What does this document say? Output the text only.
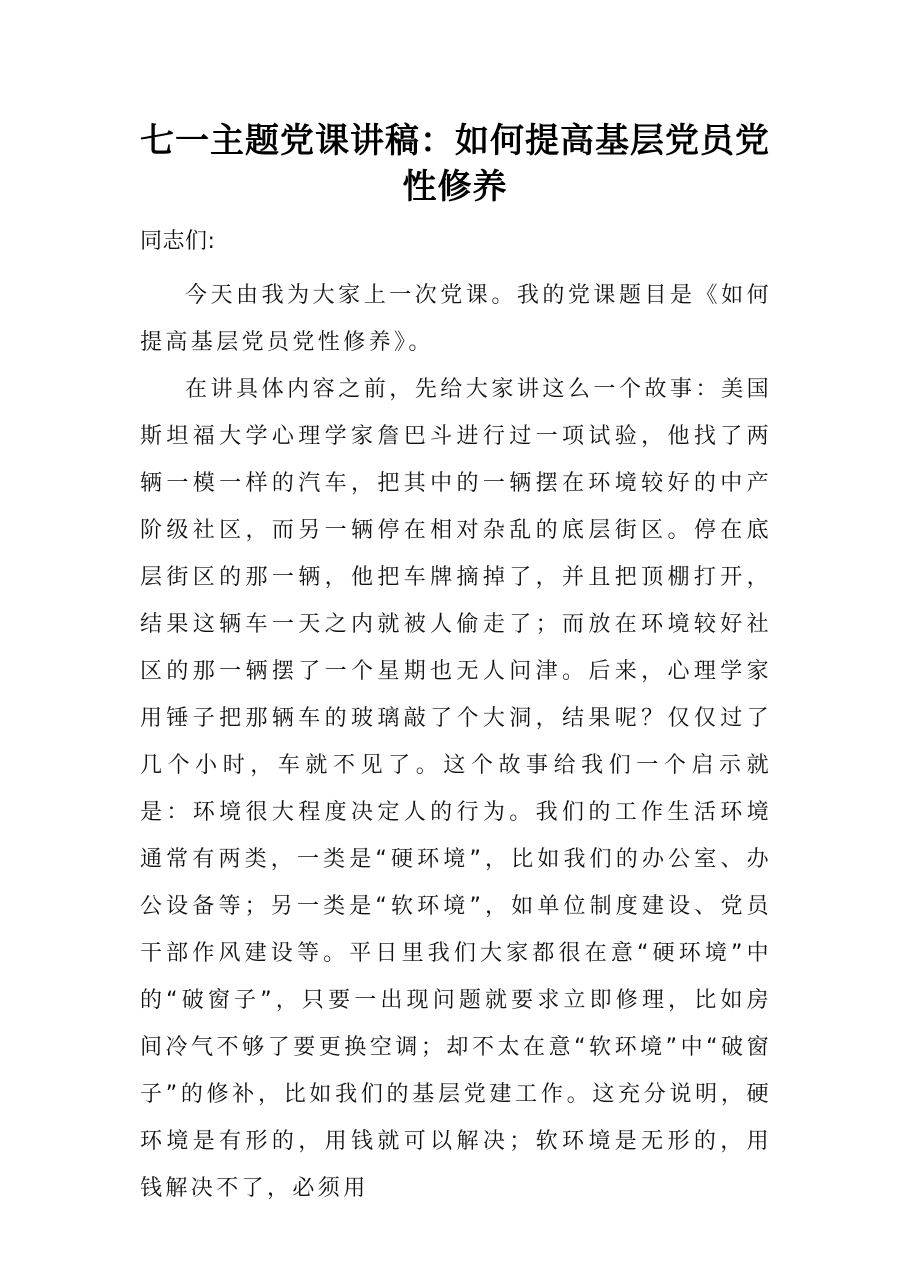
七一主题党课讲稿：如何提高基层党员党性修养

同志们:

今天由我为大家上一次党课。我的党课题目是《如何提高基层党员党性修养》。

在讲具体内容之前，先给大家讲这么一个故事：美国斯坦福大学心理学家詹巴斗进行过一项试验，他找了两辆一模一样的汽车，把其中的一辆摆在环境较好的中产阶级社区，而另一辆停在相对杂乱的底层街区。停在底层街区的那一辆，他把车牌摘掉了，并且把顶棚打开，结果这辆车一天之内就被人偷走了；而放在环境较好社区的那一辆摆了一个星期也无人问津。后来，心理学家用锤子把那辆车的玻璃敲了个大洞，结果呢？仅仅过了几个小时，车就不见了。这个故事给我们一个启示就是：环境很大程度决定人的行为。我们的工作生活环境通常有两类，一类是“硬环境”，比如我们的办公室、办公设备等；另一类是“软环境”，如单位制度建设、党员干部作风建设等。平日里我们大家都很在意“硬环境”中的“破窗子”，只要一出现问题就要求立即修理，比如房间冷气不够了要更换空调；却不太在意“软环境”中“破窗子”的修补，比如我们的基层党建工作。这充分说明，硬环境是有形的，用钱就可以解决；软环境是无形的，用钱解决不了，必须用
